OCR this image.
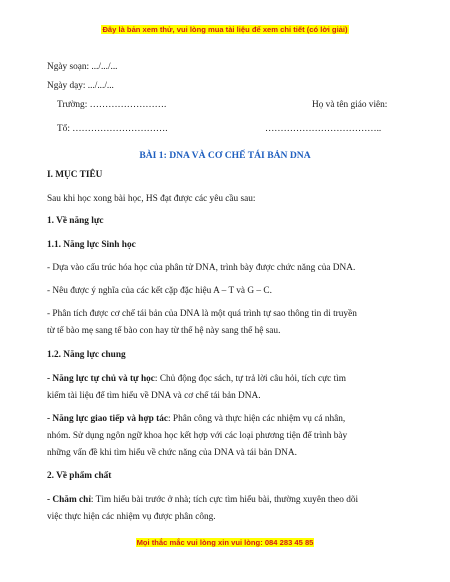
Đây là bản xem thử, vui lòng mua tài liệu để xem chi tiết (có lời giải)
Ngày soạn: .../.../...
Ngày dạy: .../.../...
Trường: …………………….	Họ và tên giáo viên:
Tổ: ………………………….	………………………………..
BÀI 1: DNA VÀ CƠ CHẾ TÁI BẢN DNA
I. MỤC TIÊU
Sau khi học xong bài học, HS đạt được các yêu cầu sau:
1. Về năng lực
1.1. Năng lực Sinh học
- Dựa vào cấu trúc hóa học của phân tử DNA, trình bày được chức năng của DNA.
- Nêu được ý nghĩa của các kết cặp đặc hiệu A – T và G – C.
- Phân tích được cơ chế tái bản của DNA là một quá trình tự sao thông tin di truyền
từ tế bào mẹ sang tế bào con hay từ thế hệ này sang thế hệ sau.
1.2. Năng lực chung
- Năng lực tự chủ và tự học: Chủ động đọc sách, tự trả lời câu hỏi, tích cực tìm
kiếm tài liệu để tìm hiểu về DNA và cơ chế tái bản DNA.
- Năng lực giao tiếp và hợp tác: Phân công và thực hiện các nhiệm vụ cá nhân,
nhóm. Sử dụng ngôn ngữ khoa học kết hợp với các loại phương tiện để trình bày
những vấn đề khi tìm hiểu về chức năng của DNA và tái bản DNA.
2. Về phẩm chất
- Chăm chỉ: Tìm hiểu bài trước ở nhà; tích cực tìm hiểu bài, thường xuyên theo dõi
việc thực hiện các nhiệm vụ được phân công.
Mọi thắc mắc vui lòng xin vui lòng: 084 283 45 85
